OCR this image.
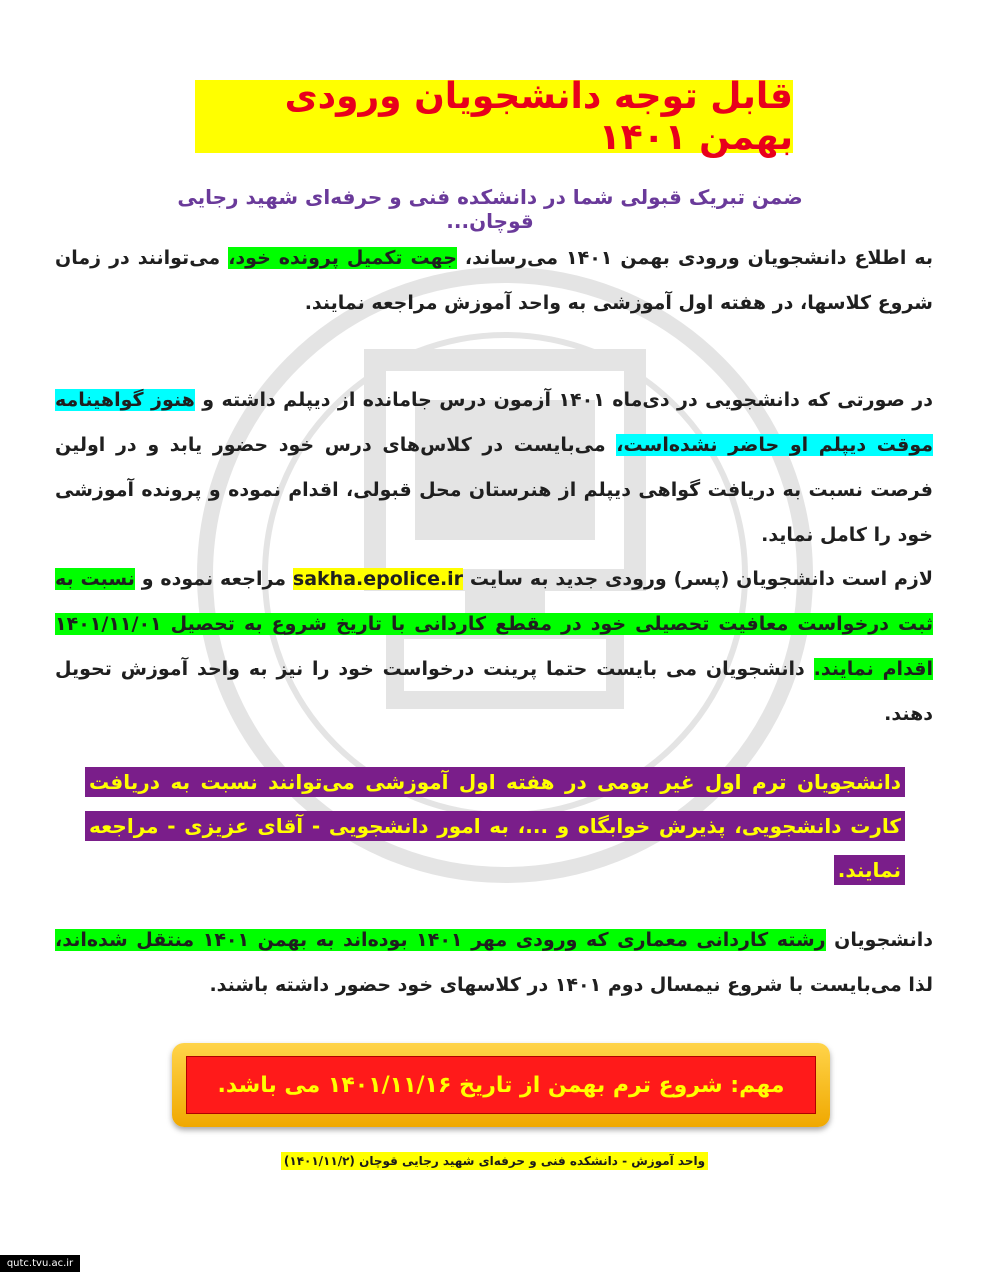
قابل توجه دانشجویان ورودی بهمن ۱۴۰۱
ضمن تبریک قبولی شما در دانشکده فنی و حرفه‌ای شهید رجایی قوچان...
به اطلاع دانشجویان ورودی بهمن ۱۴۰۱ می‌رساند، جهت تکمیل پرونده خود، می‌توانند در زمان شروع کلاسها، در هفته اول آموزشی به واحد آموزش مراجعه نمایند.
در صورتی که دانشجویی در دی‌ماه ۱۴۰۱ آزمون درس جامانده از دیپلم داشته و هنوز گواهینامه موقت دیپلم او حاضر نشده‌است، می‌بایست در کلاس‌های درس خود حضور یابد و در اولین فرصت نسبت به دریافت گواهی دیپلم از هنرستان محل قبولی، اقدام نموده و پرونده آموزشی خود را کامل نماید.
لازم است دانشجویان (پسر) ورودی جدید به سایت sakha.epolice.ir مراجعه نموده و نسبت به ثبت درخواست معافیت تحصیلی خود در مقطع کاردانی با تاریخ شروع به تحصیل ۱۴۰۱/۱۱/۰۱ اقدام نمایند. دانشجویان می بایست حتما پرینت درخواست خود را نیز به واحد آموزش تحویل دهند.
دانشجویان ترم اول غیر بومی در هفته اول آموزشی می‌توانند نسبت به دریافت کارت دانشجویی، پذیرش خوابگاه و ...، به امور دانشجویی - آقای عزیزی - مراجعه نمایند.
دانشجویان رشته کاردانی معماری که ورودی مهر ۱۴۰۱ بوده‌اند به بهمن ۱۴۰۱ منتقل شده‌اند، لذا می‌بایست با شروع نیمسال دوم ۱۴۰۱ در کلاسهای خود حضور داشته باشند.
مهم: شروع ترم بهمن از تاریخ ۱۴۰۱/۱۱/۱۶ می باشد.
واحد آموزش - دانشکده فنی و حرفه‌ای شهید رجایی قوچان (۱۴۰۱/۱۱/۲)
qutc.tvu.ac.ir
